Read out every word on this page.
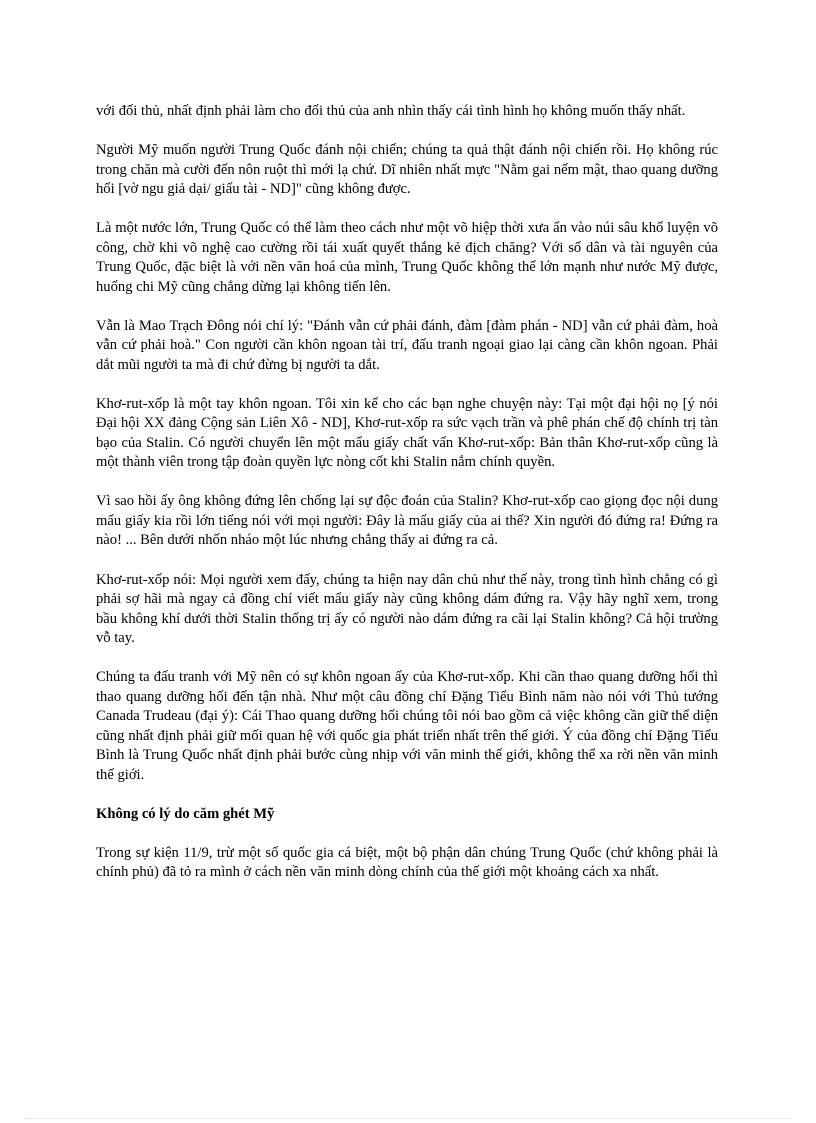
với đối thủ, nhất định phải làm cho đối thủ của anh nhìn thấy cái tình hình họ không muốn thấy nhất.

Người Mỹ muốn người Trung Quốc đánh nội chiến; chúng ta quả thật đánh nội chiến rồi. Họ không rúc trong chăn mà cười đến nôn ruột thì mới lạ chứ. Dĩ nhiên nhất mực "Nằm gai nếm mật, thao quang dưỡng hối [vờ ngu giả dại/ giấu tài - ND]" cũng không được.

Là một nước lớn, Trung Quốc có thể làm theo cách như một võ hiệp thời xưa ẩn vào núi sâu khổ luyện võ công, chờ khi võ nghệ cao cường rồi tái xuất quyết thắng kẻ địch chăng? Với số dân và tài nguyên của Trung Quốc, đặc biệt là với nền văn hoá của mình, Trung Quốc không thể lớn mạnh như nước Mỹ được, huống chi Mỹ cũng chẳng dừng lại không tiến lên.

Vẫn là Mao Trạch Đông nói chí lý: "Đánh vẫn cứ phải đánh, đàm [đàm phán - ND] vẫn cứ phải đàm, hoà vẫn cứ phải hoà." Con người cần khôn ngoan tài trí, đấu tranh ngoại giao lại càng cần khôn ngoan. Phải dắt mũi người ta mà đi chứ đừng bị người ta dắt.

Khơ-rut-xốp là một tay khôn ngoan. Tôi xin kể cho các bạn nghe chuyện này: Tại một đại hội nọ [ý nói Đại hội XX đảng Cộng sản Liên Xô - ND], Khơ-rut-xốp ra sức vạch trần và phê phán chế độ chính trị tàn bạo của Stalin. Có người chuyển lên một mẩu giấy chất vấn Khơ-rut-xốp: Bản thân Khơ-rut-xốp cũng là một thành viên trong tập đoàn quyền lực nòng cốt khi Stalin nắm chính quyền.

Vì sao hồi ấy ông không đứng lên chống lại sự độc đoán của Stalin? Khơ-rut-xốp cao giọng đọc nội dung mẩu giấy kia rồi lớn tiếng nói với mọi người: Đây là mẩu giấy của ai thế? Xin người đó đứng ra! Đứng ra nào! ... Bên dưới nhốn nháo một lúc nhưng chẳng thấy ai đứng ra cả.

Khơ-rut-xốp nói: Mọi người xem đấy, chúng ta hiện nay dân chủ như thế này, trong tình hình chẳng có gì phải sợ hãi mà ngay cả đồng chí viết mẩu giấy này cũng không dám đứng ra. Vậy hãy nghĩ xem, trong bầu không khí dưới thời Stalin thống trị ấy có người nào dám đứng ra cãi lại Stalin không? Cả hội trường vỗ tay.

Chúng ta đấu tranh với Mỹ nên có sự khôn ngoan ấy của Khơ-rut-xốp. Khi cần thao quang dưỡng hối thì thao quang dưỡng hối đến tận nhà. Như một câu đồng chí Đặng Tiểu Bình năm nào nói với Thủ tướng Canada Trudeau (đại ý): Cái Thao quang dưỡng hối chúng tôi nói bao gồm cả việc không cần giữ thể diện cũng nhất định phải giữ mối quan hệ với quốc gia phát triển nhất trên thế giới. Ý của đồng chí Đặng Tiểu Bình là Trung Quốc nhất định phải bước cùng nhịp với văn minh thế giới, không thể xa rời nền văn minh thế giới.

Không có lý do căm ghét Mỹ

Trong sự kiện 11/9, trừ một số quốc gia cá biệt, một bộ phận dân chúng Trung Quốc (chứ không phải là chính phủ) đã tỏ ra mình ở cách nền văn minh dòng chính của thế giới một khoảng cách xa nhất.
